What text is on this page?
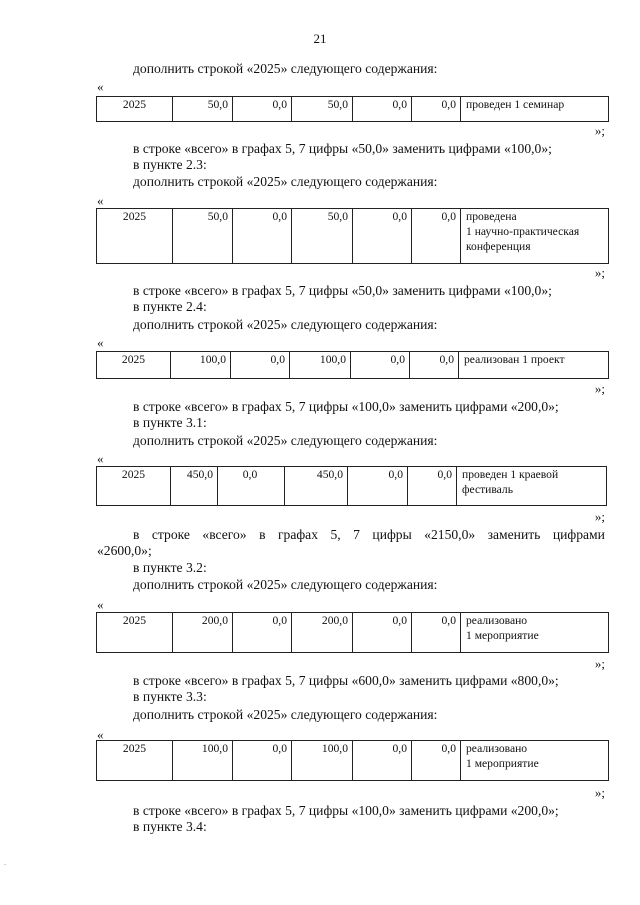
21
дополнить строкой «2025» следующего содержания:
«
2025	50,0	0,0	50,0	0,0	0,0	проведен 1 семинар
»;
в строке «всего» в графах 5, 7 цифры «50,0» заменить цифрами «100,0»;
в пункте 2.3:
дополнить строкой «2025» следующего содержания:
«
2025	50,0	0,0	50,0	0,0	0,0	проведена
1 научно-практическая
конференция
»;
в строке «всего» в графах 5, 7 цифры «50,0» заменить цифрами «100,0»;
в пункте 2.4:
дополнить строкой «2025» следующего содержания:
«
2025	100,0	0,0	100,0	0,0	0,0	реализован 1 проект
»;
в строке «всего» в графах 5, 7 цифры «100,0» заменить цифрами «200,0»;
в пункте 3.1:
дополнить строкой «2025» следующего содержания:
«
2025	450,0	0,0	450,0	0,0	0,0	проведен 1 краевой
фестиваль
»;
в строке «всего» в графах 5, 7 цифры «2150,0» заменить цифрами
«2600,0»;
в пункте 3.2:
дополнить строкой «2025» следующего содержания:
«
2025	200,0	0,0	200,0	0,0	0,0	реализовано
1 мероприятие
»;
в строке «всего» в графах 5, 7 цифры «600,0» заменить цифрами «800,0»;
в пункте 3.3:
дополнить строкой «2025» следующего содержания:
«
2025	100,0	0,0	100,0	0,0	0,0	реализовано
1 мероприятие
»;
в строке «всего» в графах 5, 7 цифры «100,0» заменить цифрами «200,0»;
в пункте 3.4:
.
